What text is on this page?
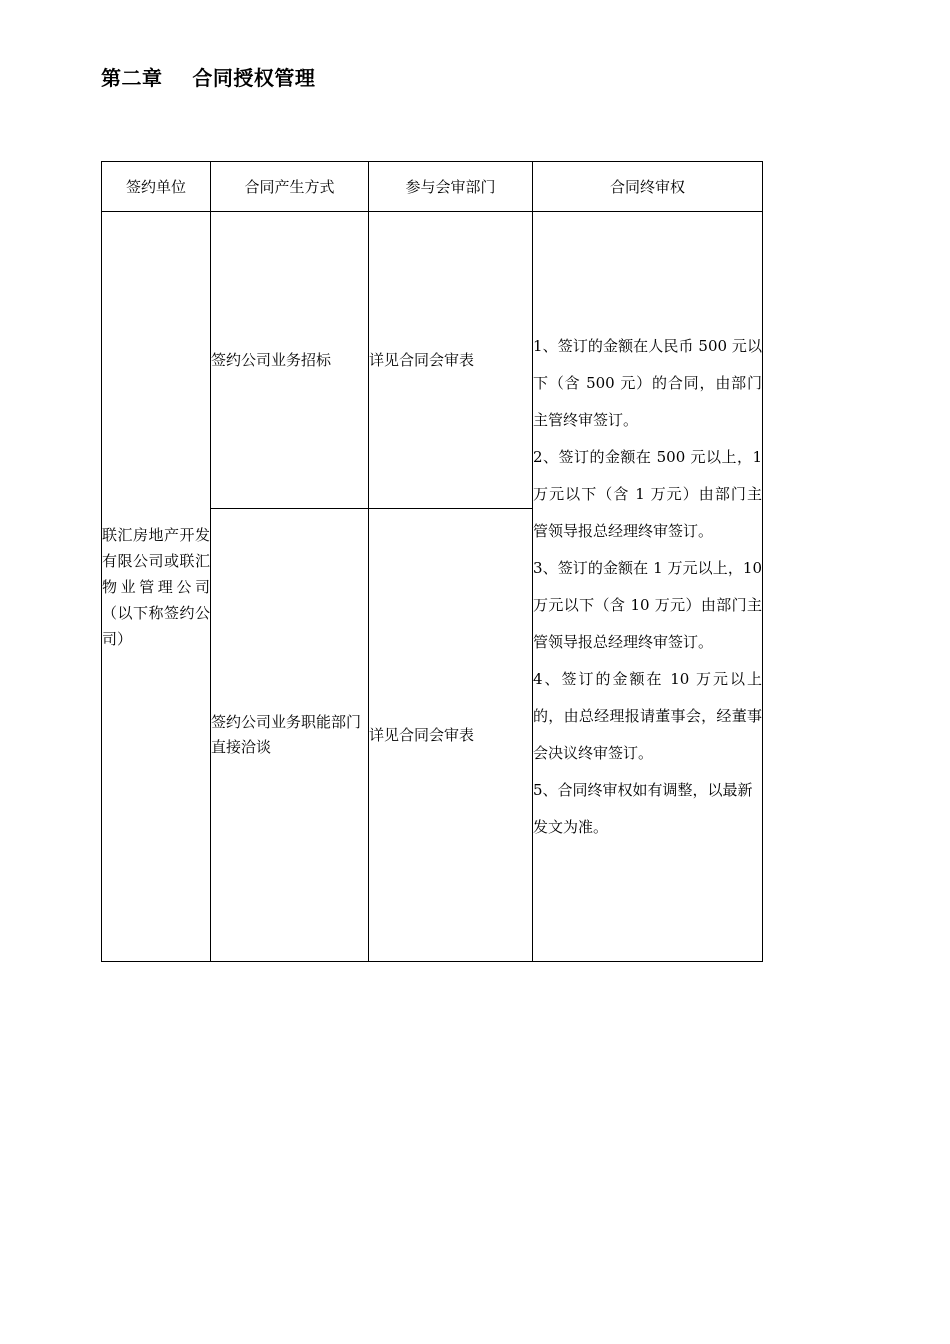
第二章    合同授权管理
签约单位	合同产生方式	参与会审部门	合同终审权
联汇房地产开发有限公司或联汇物业管理公司（以下称签约公司）	签约公司业务招标	详见合同会审表	1、签订的金额在人民币 500 元以下（含 500 元）的合同，由部门主管终审签订。

2、签订的金额在 500 元以上，1 万元以下（含 1 万元）由部门主管领导报总经理终审签订。

3、签订的金额在 1 万元以上，10 万元以下（含 10 万元）由部门主管领导报总经理终审签订。

4、签订的金额在 10 万元以上的，由总经理报请董事会，经董事会决议终审签订。

5、合同终审权如有调整，以最新发文为准。

	签约公司业务职能部门直接洽谈	详见合同会审表	
